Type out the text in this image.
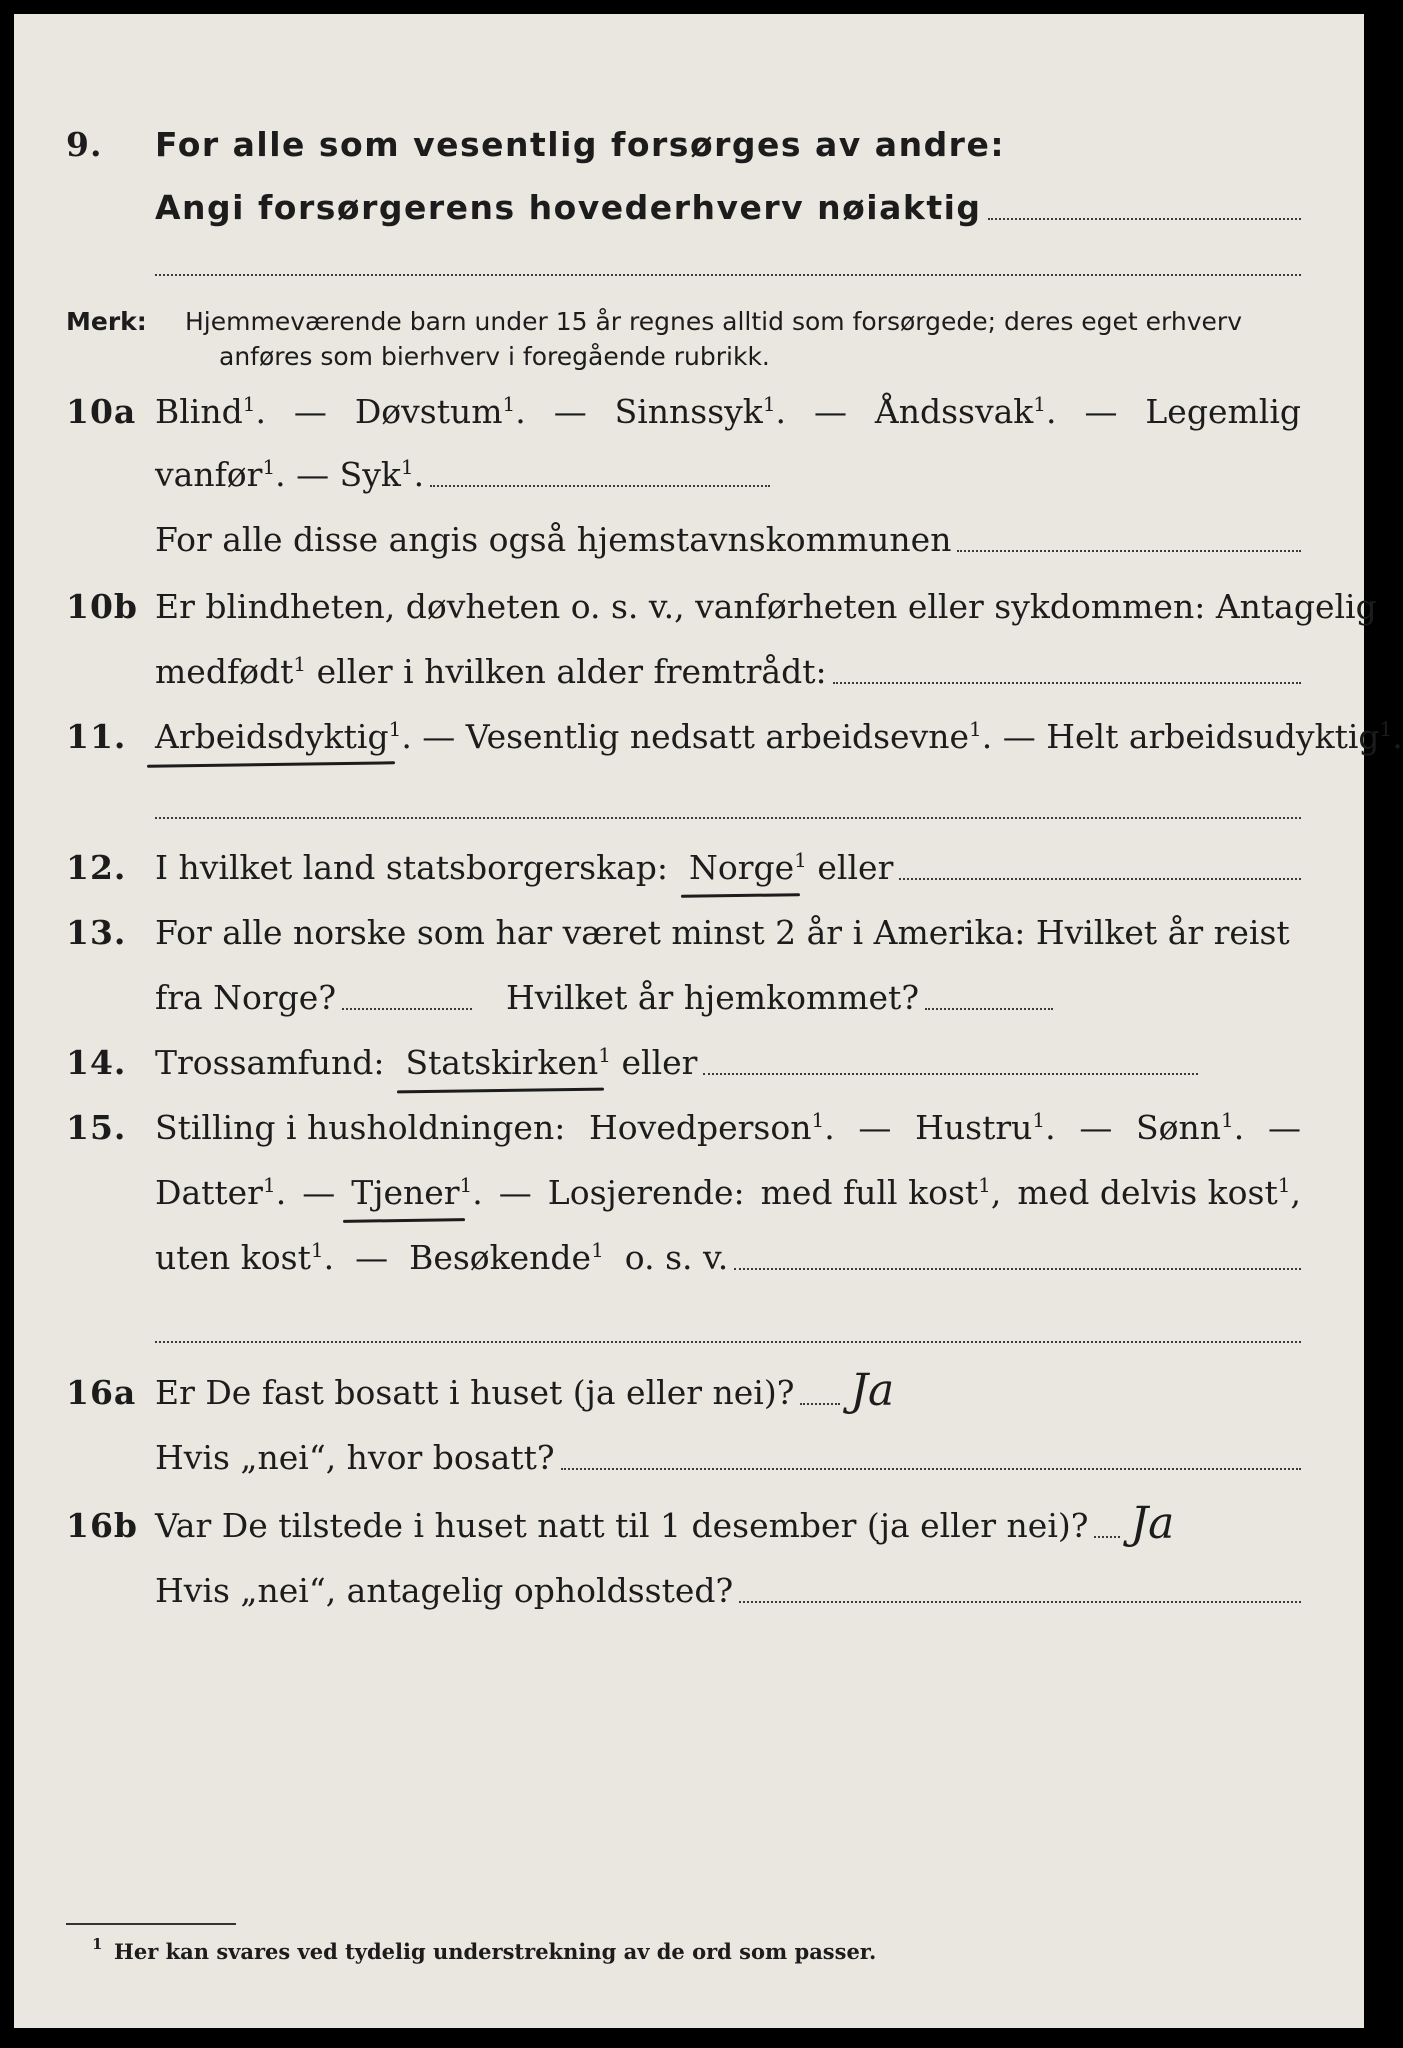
9. For alle som vesentlig forsørges av andre:
Angi forsørgerens hovederhverv nøiaktig
Merk: Hjemmeværende barn under 15 år regnes alltid som forsørgede; deres eget erhverv
anføres som bierhverv i foregående rubrikk.
10a Blind$^1$. — Døvstum$^1$. — Sinnssyk$^1$. — Åndssvak$^1$. — Legemlig
vanfør$^1$. — Syk$^1$.
For alle disse angis også hjemstavnskommunen
10b Er blindheten, døvheten o. s. v., vanførheten eller sykdommen: Antagelig
medfødt$^1$ eller i hvilken alder fremtrådt:
11. Arbeidsdyktig$^1$. — Vesentlig nedsatt arbeidsevne$^1$. — Helt arbeidsudyktig$^1$.
12. I hvilket land statsborgerskap: Norge$^1$ eller
13. For alle norske som har været minst 2 år i Amerika: Hvilket år reist
fra Norge?	Hvilket år hjemkommet?
14. Trossamfund: Statskirken$^1$ eller
15. Stilling i husholdningen: Hovedperson$^1$. — Hustru$^1$. — Sønn$^1$. —
Datter$^1$. — Tjener$^1$. — Losjerende: med full kost$^1$, med delvis kost$^1$,
uten kost$^1$.  — Besøkende$^1$ o. s. v.
16a Er De fast bosatt i huset (ja eller nei)? Ja
Hvis „nei“, hvor bosatt?
16b Var De tilstede i huset natt til 1 desember (ja eller nei)? Ja
Hvis „nei“, antagelig opholdssted?
1 Her kan svares ved tydelig understrekning av de ord som passer.
